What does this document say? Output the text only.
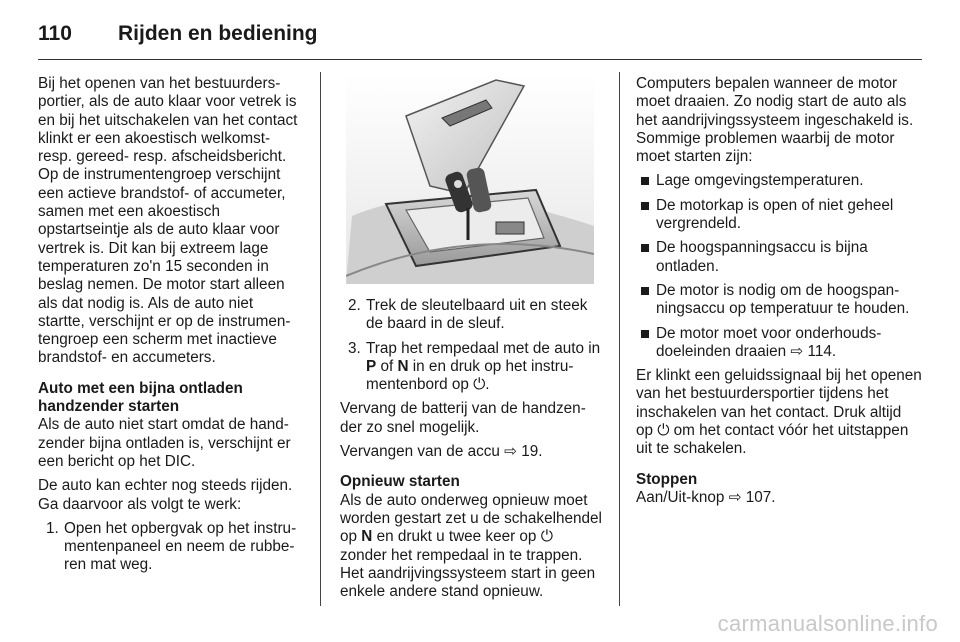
110 Rijden en bediening

Bij het openen van het bestuurdersportier, als de auto klaar voor vetrek is en bij het uitschakelen van het contact klinkt er een akoestisch welkomst- resp. gereed- resp. afscheidsbericht. Op de instrumentengroep verschijnt een actieve brandstof- of accumeter, samen met een akoestisch opstartseintje als de auto klaar voor vertrek is. Dit kan bij extreem lage temperaturen zo'n 15 seconden in beslag nemen. De motor start alleen als dat nodig is. Als de auto niet startte, verschijnt er op de instrumentengroep een scherm met inactieve brandstof- en accumeters.

Auto met een bijna ontladen handzender starten

Als de auto niet start omdat de handzender bijna ontladen is, verschijnt er een bericht op het DIC.

De auto kan echter nog steeds rijden. Ga daarvoor als volgt te werk:

1. Open het opbergvak op het instrumentenpaneel en neem de rubberen mat weg.
2. Trek de sleutelbaard uit en steek de baard in de sleuf.
3. Trap het rempedaal met de auto in P of N in en druk op het instrumentenbord op ⏻.

Vervang de batterij van de handzender zo snel mogelijk.

Vervangen van de accu ⇨ 19.

Opnieuw starten

Als de auto onderweg opnieuw moet worden gestart zet u de schakelhendel op N en drukt u twee keer op ⏻ zonder het rempedaal in te trappen. Het aandrijvingssysteem start in geen enkele andere stand opnieuw.

Computers bepalen wanneer de motor moet draaien. Zo nodig start de auto als het aandrijvingssysteem ingeschakeld is. Sommige problemen waarbij de motor moet starten zijn:

Lage omgevingstemperaturen.
De motorkap is open of niet geheel vergrendeld.
De hoogspanningsaccu is bijna ontladen.
De motor is nodig om de hoogspanningsaccu op temperatuur te houden.
De motor moet voor onderhoudsdoeleinden draaien ⇨ 114.

Er klinkt een geluidssignaal bij het openen van het bestuurdersportier tijdens het inschakelen van het contact. Druk altijd op ⏻ om het contact vóór het uitstappen uit te schakelen.

Stoppen

Aan/Uit-knop ⇨ 107.

carmanualsonline.info
